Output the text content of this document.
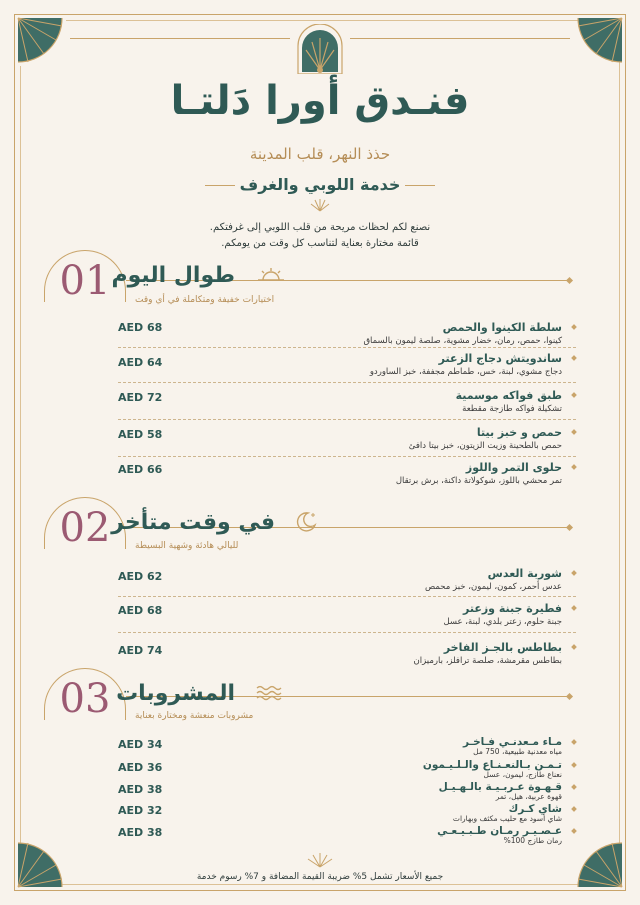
فنـدق أورا دَلتـا
حذذ النهر، قلب المدينة
خدمة اللوبي والغرف
نصنع لكم لحظات مريحة من قلب اللوبي إلى غرفتكم.
قائمة مختارة بعناية لتناسب كل وقت من يومكم.
01 طوال اليوم
اختيارات خفيفة ومتكاملة في أي وقت
سلطة الكينوا والحمص
كينوا، حمص، رمان، خضار مشوية، صلصة ليمون بالسماق
AED 68
ساندويتش دجاج الزعتر
دجاج مشوي، لبنة، خس، طماطم مجففة، خبز الساوردو
AED 64
طبق فواكه موسمية
تشكيلة فواكه طازجة مقطعة
AED 72
حمص و خبز بيتا
حمص بالطحينة وزيت الزيتون، خبز بيتا دافئ
AED 58
حلوى التمر واللوز
تمر محشي باللوز، شوكولاتة داكنة، برش برتقال
AED 66
02 في وقت متأخر
لليالي هادئة وشهية البسيطة
شوربة العدس
عدس أحمر، كمون، ليمون، خبز محمص
AED 62
فطيرة جبنة وزعتر
جبنة حلوم، زعتر بلدي، لبنة، عسل
AED 68
بطاطس بالجـز الفاخر
بطاطس مقرمشة، صلصة ترافلز، بارميزان
AED 74
03 المشروبات
مشروبات منعشة ومختارة بعناية
مـاء مـعدنـي فـاخـر
مياه معدنية طبيعية، 750 مل
AED 34
تـمـن بـالنعـنـاع والـلـيـمون
نعناع طازج، ليمون، عسل
AED 36
قـهـوة عـربـيـة بالـهـيـل
قهوة عربية، هيل، تمر
AED 38
شاي كـرك
شاي أسود مع حليب مكثف وبهارات
AED 32
عـصـيـر رمـان طـبـيـعـي
رمان طازج 100%
AED 38
جميع الأسعار تشمل 5% ضريبة القيمة المضافة و 7% رسوم خدمة
